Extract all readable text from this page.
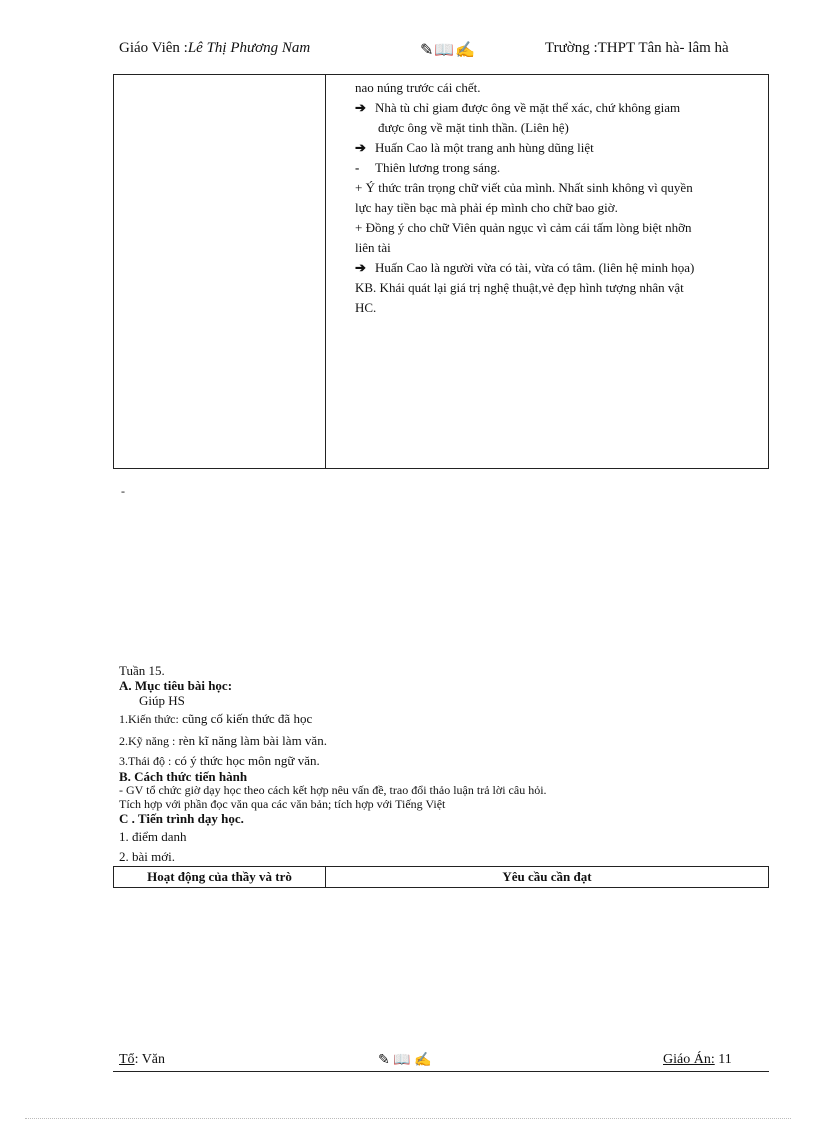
Giáo Viên :Lê Thị Phương Nam	✎📖✍	Trường :THPT Tân hà- lâm hà
nao núng trước cái chết.
➔ Nhà tù chỉ giam được ông về mặt thể xác, chứ không giam
được ông về mặt tinh thần. (Liên hệ)
➔ Huấn Cao là một trang anh hùng dũng liệt
- Thiên lương trong sáng.
+ Ý thức trân trọng chữ viết của mình. Nhất sinh không vì quyền
lực hay tiền bạc mà phải ép mình cho chữ bao giờ.
+ Đồng ý cho chữ Viên quản ngục vì cảm cái tấm lòng biệt nhỡn
liên tài
➔ Huấn Cao là người vừa có tài, vừa có tâm. (liên hệ minh họa)
KB. Khái quát lại giá trị nghệ thuật,vẻ đẹp hình tượng nhân vật
HC.
-
Tuần 15.
A. Mục tiêu bài học:
Giúp HS
1.Kiến thức: cũng cố kiến thức đã học
2.Kỹ năng : rèn kĩ năng làm bài làm văn.
3.Thái độ : có ý thức học môn ngữ văn.
B. Cách thức tiến hành
- GV tổ chức giờ dạy học theo cách kết hợp nêu vấn đề, trao đổi thảo luận trả lời câu hỏi.
Tích hợp với phần đọc văn qua các văn bản; tích hợp với Tiếng Việt
C . Tiến trình dạy học.
1. điểm danh
2. bài mới.
Hoạt động của thầy và trò	Yêu cầu cần đạt
Tổ: Văn	✎ 📖 ✍	Giáo Án: 11
